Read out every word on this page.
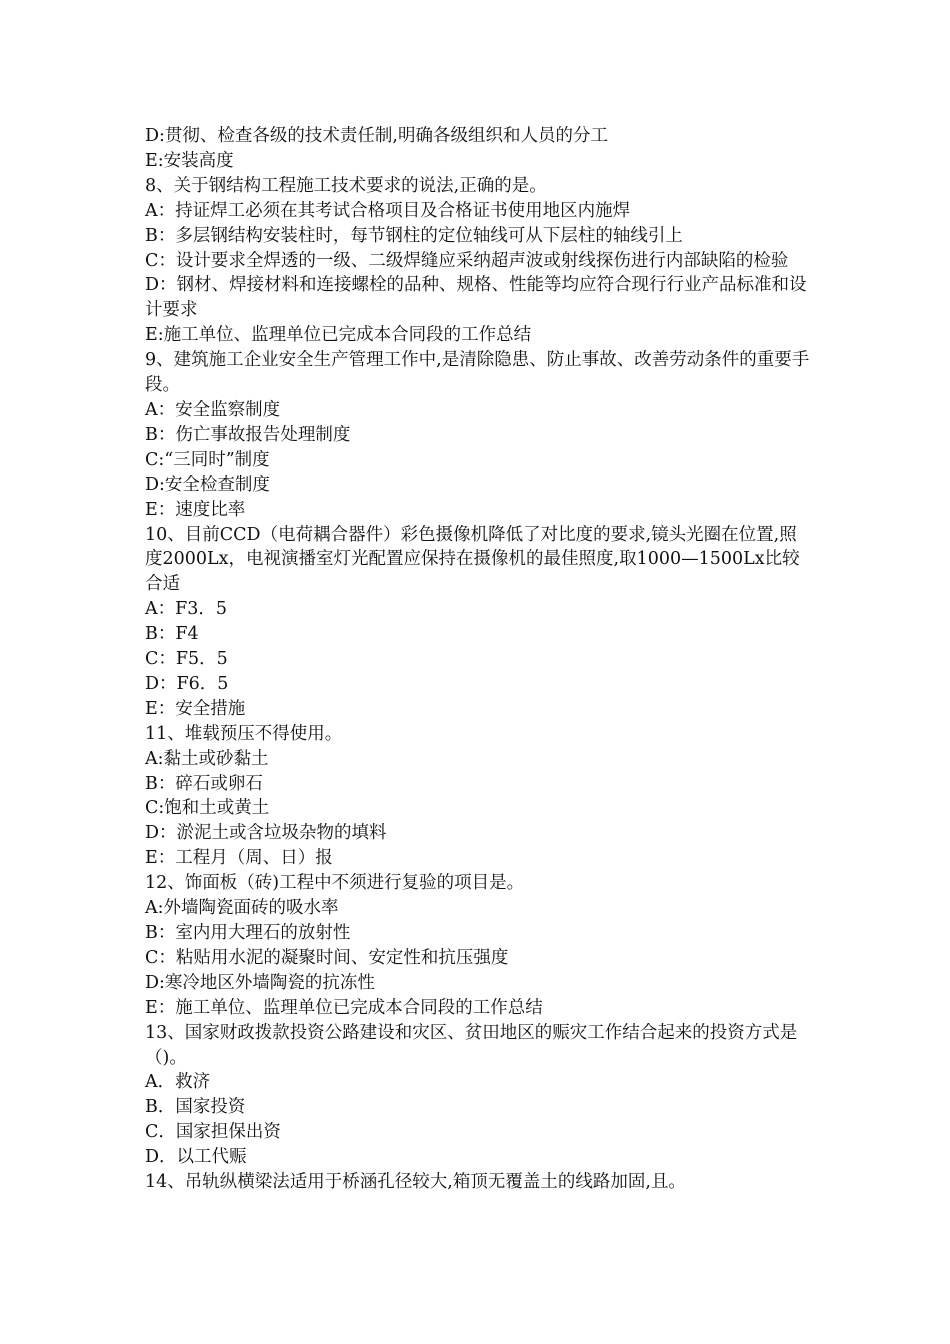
D:贯彻、检查各级的技术责任制,明确各级组织和人员的分工
E:安装高度
8、关于钢结构工程施工技术要求的说法,正确的是。
A：持证焊工必须在其考试合格项目及合格证书使用地区内施焊
B：多层钢结构安装柱时，每节钢柱的定位轴线可从下层柱的轴线引上
C：设计要求全焊透的一级、二级焊缝应采纳超声波或射线探伤进行内部缺陷的检验
D：钢材、焊接材料和连接螺栓的品种、规格、性能等均应符合现行行业产品标准和设计要求
E:施工单位、监理单位已完成本合同段的工作总结
9、建筑施工企业安全生产管理工作中,是清除隐患、防止事故、改善劳动条件的重要手段。
A：安全监察制度
B：伤亡事故报告处理制度
C:“三同时”制度
D:安全检查制度
E：速度比率
10、目前CCD（电荷耦合器件）彩色摄像机降低了对比度的要求,镜头光圈在位置,照度2000Lx，电视演播室灯光配置应保持在摄像机的最佳照度,取1000—1500Lx比较合适
A：F3．5
B：F4
C：F5．5
D：F6．5
E：安全措施
11、堆载预压不得使用。
A:黏土或砂黏土
B：碎石或卵石
C:饱和土或黄土
D：淤泥土或含垃圾杂物的填料
E：工程月（周、日）报
12、饰面板（砖)工程中不须进行复验的项目是。
A:外墙陶瓷面砖的吸水率
B：室内用大理石的放射性
C：粘贴用水泥的凝聚时间、安定性和抗压强度
D:寒冷地区外墙陶瓷的抗冻性
E：施工单位、监理单位已完成本合同段的工作总结
13、国家财政拨款投资公路建设和灾区、贫田地区的赈灾工作结合起来的投资方式是（)。
A．救济
B．国家投资
C．国家担保出资
D．以工代赈
14、吊轨纵横梁法适用于桥涵孔径较大,箱顶无覆盖土的线路加固,且。
